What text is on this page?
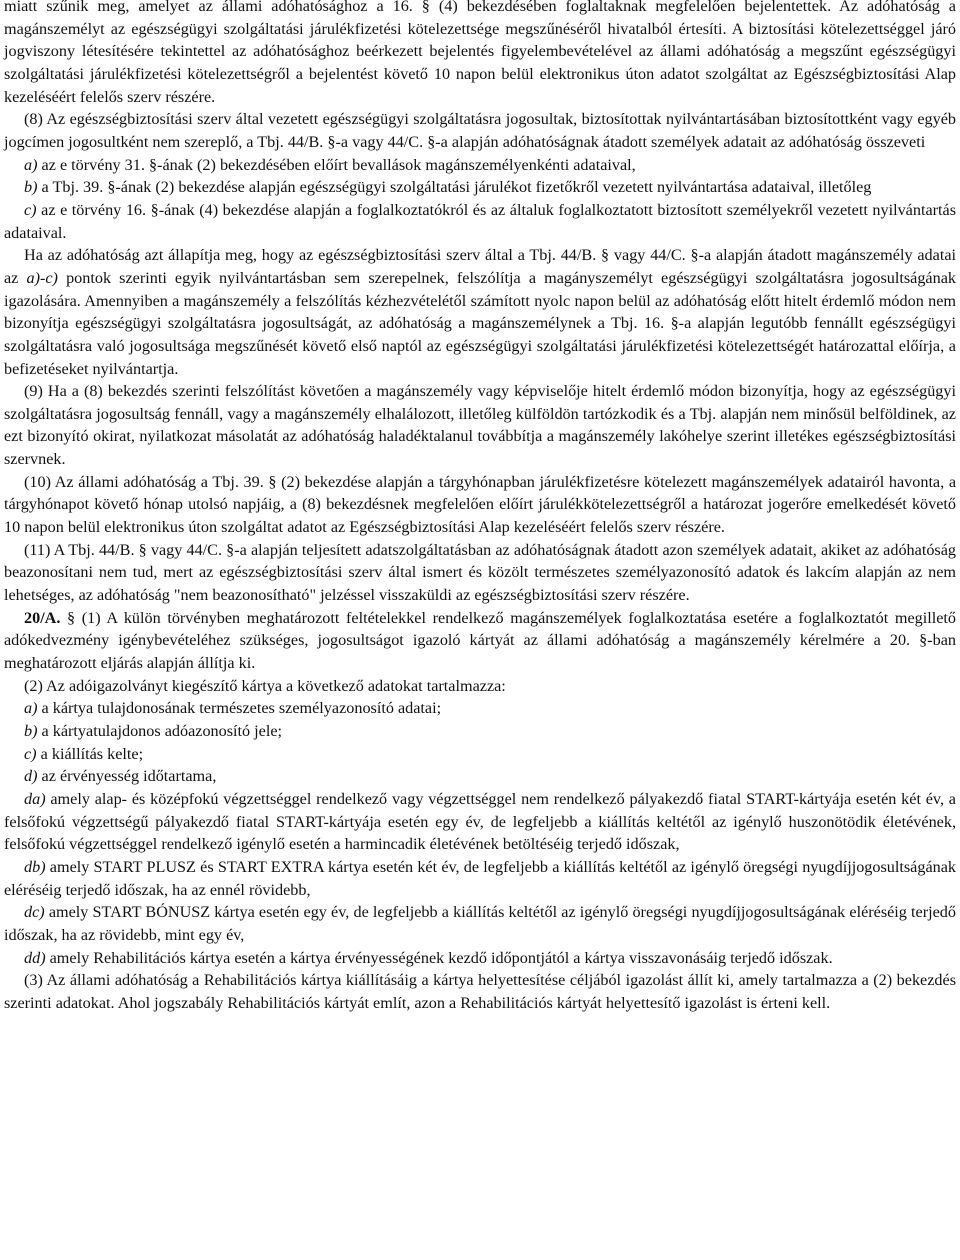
miatt szűnik meg, amelyet az állami adóhatósághoz a 16. § (4) bekezdésében foglaltaknak megfelelően bejelentettek. Az adóhatóság a magánszemélyt az egészségügyi szolgáltatási járulékfizetési kötelezettsége megszűnéséről hivatalból értesíti. A biztosítási kötelezettséggel járó jogviszony létesítésére tekintettel az adóhatósághoz beérkezett bejelentés figyelembevételével az állami adóhatóság a megszűnt egészségügyi szolgáltatási járulékfizetési kötelezettségről a bejelentést követő 10 napon belül elektronikus úton adatot szolgáltat az Egészségbiztosítási Alap kezeléséért felelős szerv részére.

(8) Az egészségbiztosítási szerv által vezetett egészségügyi szolgáltatásra jogosultak, biztosítottak nyilvántartásában biztosítottként vagy egyéb jogcímen jogosultként nem szereplő, a Tbj. 44/B. §-a vagy 44/C. §-a alapján adóhatóságnak átadott személyek adatait az adóhatóság összeveti

a) az e törvény 31. §-ának (2) bekezdésében előírt bevallások magánszemélyenkénti adataival,

b) a Tbj. 39. §-ának (2) bekezdése alapján egészségügyi szolgáltatási járulékot fizetőkről vezetett nyilvántartása adataival, illetőleg

c) az e törvény 16. §-ának (4) bekezdése alapján a foglalkoztatókról és az általuk foglalkoztatott biztosított személyekről vezetett nyilvántartás adataival.

Ha az adóhatóság azt állapítja meg, hogy az egészségbiztosítási szerv által a Tbj. 44/B. § vagy 44/C. §-a alapján átadott magánszemély adatai az a)-c) pontok szerinti egyik nyilvántartásban sem szerepelnek, felszólítja a magányszemélyt egészségügyi szolgáltatásra jogosultságának igazolására. Amennyiben a magánszemély a felszólítás kézhezvételétől számított nyolc napon belül az adóhatóság előtt hitelt érdemlő módon nem bizonyítja egészségügyi szolgáltatásra jogosultságát, az adóhatóság a magánszemélynek a Tbj. 16. §-a alapján legutóbb fennállt egészségügyi szolgáltatásra való jogosultsága megszűnését követő első naptól az egészségügyi szolgáltatási járulékfizetési kötelezettségét határozattal előírja, a befizetéseket nyilvántartja.

(9) Ha a (8) bekezdés szerinti felszólítást követően a magánszemély vagy képviselője hitelt érdemlő módon bizonyítja, hogy az egészségügyi szolgáltatásra jogosultság fennáll, vagy a magánszemély elhalálozott, illetőleg külföldön tartózkodik és a Tbj. alapján nem minősül belföldinek, az ezt bizonyító okirat, nyilatkozat másolatát az adóhatóság haladéktalanul továbbítja a magánszemély lakóhelye szerint illetékes egészségbiztosítási szervnek.

(10) Az állami adóhatóság a Tbj. 39. § (2) bekezdése alapján a tárgyhónapban járulékfizetésre kötelezett magánszemélyek adatairól havonta, a tárgyhónapot követő hónap utolsó napjáig, a (8) bekezdésnek megfelelően előírt járulékkötelezettségről a határozat jogerőre emelkedését követő 10 napon belül elektronikus úton szolgáltat adatot az Egészségbiztosítási Alap kezeléséért felelős szerv részére.

(11) A Tbj. 44/B. § vagy 44/C. §-a alapján teljesített adatszolgáltatásban az adóhatóságnak átadott azon személyek adatait, akiket az adóhatóság beazonosítani nem tud, mert az egészségbiztosítási szerv által ismert és közölt természetes személyazonosító adatok és lakcím alapján az nem lehetséges, az adóhatóság "nem beazonosítható" jelzéssel visszaküldi az egészségbiztosítási szerv részére.

20/A. § (1) A külön törvényben meghatározott feltételekkel rendelkező magánszemélyek foglalkoztatása esetére a foglalkoztatót megillető adókedvezmény igénybevételéhez szükséges, jogosultságot igazoló kártyát az állami adóhatóság a magánszemély kérelmére a 20. §-ban meghatározott eljárás alapján állítja ki.

(2) Az adóigazolványt kiegészítő kártya a következő adatokat tartalmazza:

a) a kártya tulajdonosának természetes személyazonosító adatai;

b) a kártyatulajdonos adóazonosító jele;

c) a kiállítás kelte;

d) az érvényesség időtartama,

da) amely alap- és középfokú végzettséggel rendelkező vagy végzettséggel nem rendelkező pályakezdő fiatal START-kártyája esetén két év, a felsőfokú végzettségű pályakezdő fiatal START-kártyája esetén egy év, de legfeljebb a kiállítás keltétől az igénylő huszonötödik életévének, felsőfokú végzettséggel rendelkező igénylő esetén a harmincadik életévének betöltéséig terjedő időszak,

db) amely START PLUSZ és START EXTRA kártya esetén két év, de legfeljebb a kiállítás keltétől az igénylő öregségi nyugdíjjogosultságának eléréséig terjedő időszak, ha az ennél rövidebb,

dc) amely START BÓNUSZ kártya esetén egy év, de legfeljebb a kiállítás keltétől az igénylő öregségi nyugdíjjogosultságának eléréséig terjedő időszak, ha az rövidebb, mint egy év,

dd) amely Rehabilitációs kártya esetén a kártya érvényességének kezdő időpontjától a kártya visszavonásáig terjedő időszak.

(3) Az állami adóhatóság a Rehabilitációs kártya kiállításáig a kártya helyettesítése céljából igazolást állít ki, amely tartalmazza a (2) bekezdés szerinti adatokat. Ahol jogszabály Rehabilitációs kártyát említ, azon a Rehabilitációs kártyát helyettesítő igazolást is érteni kell.
